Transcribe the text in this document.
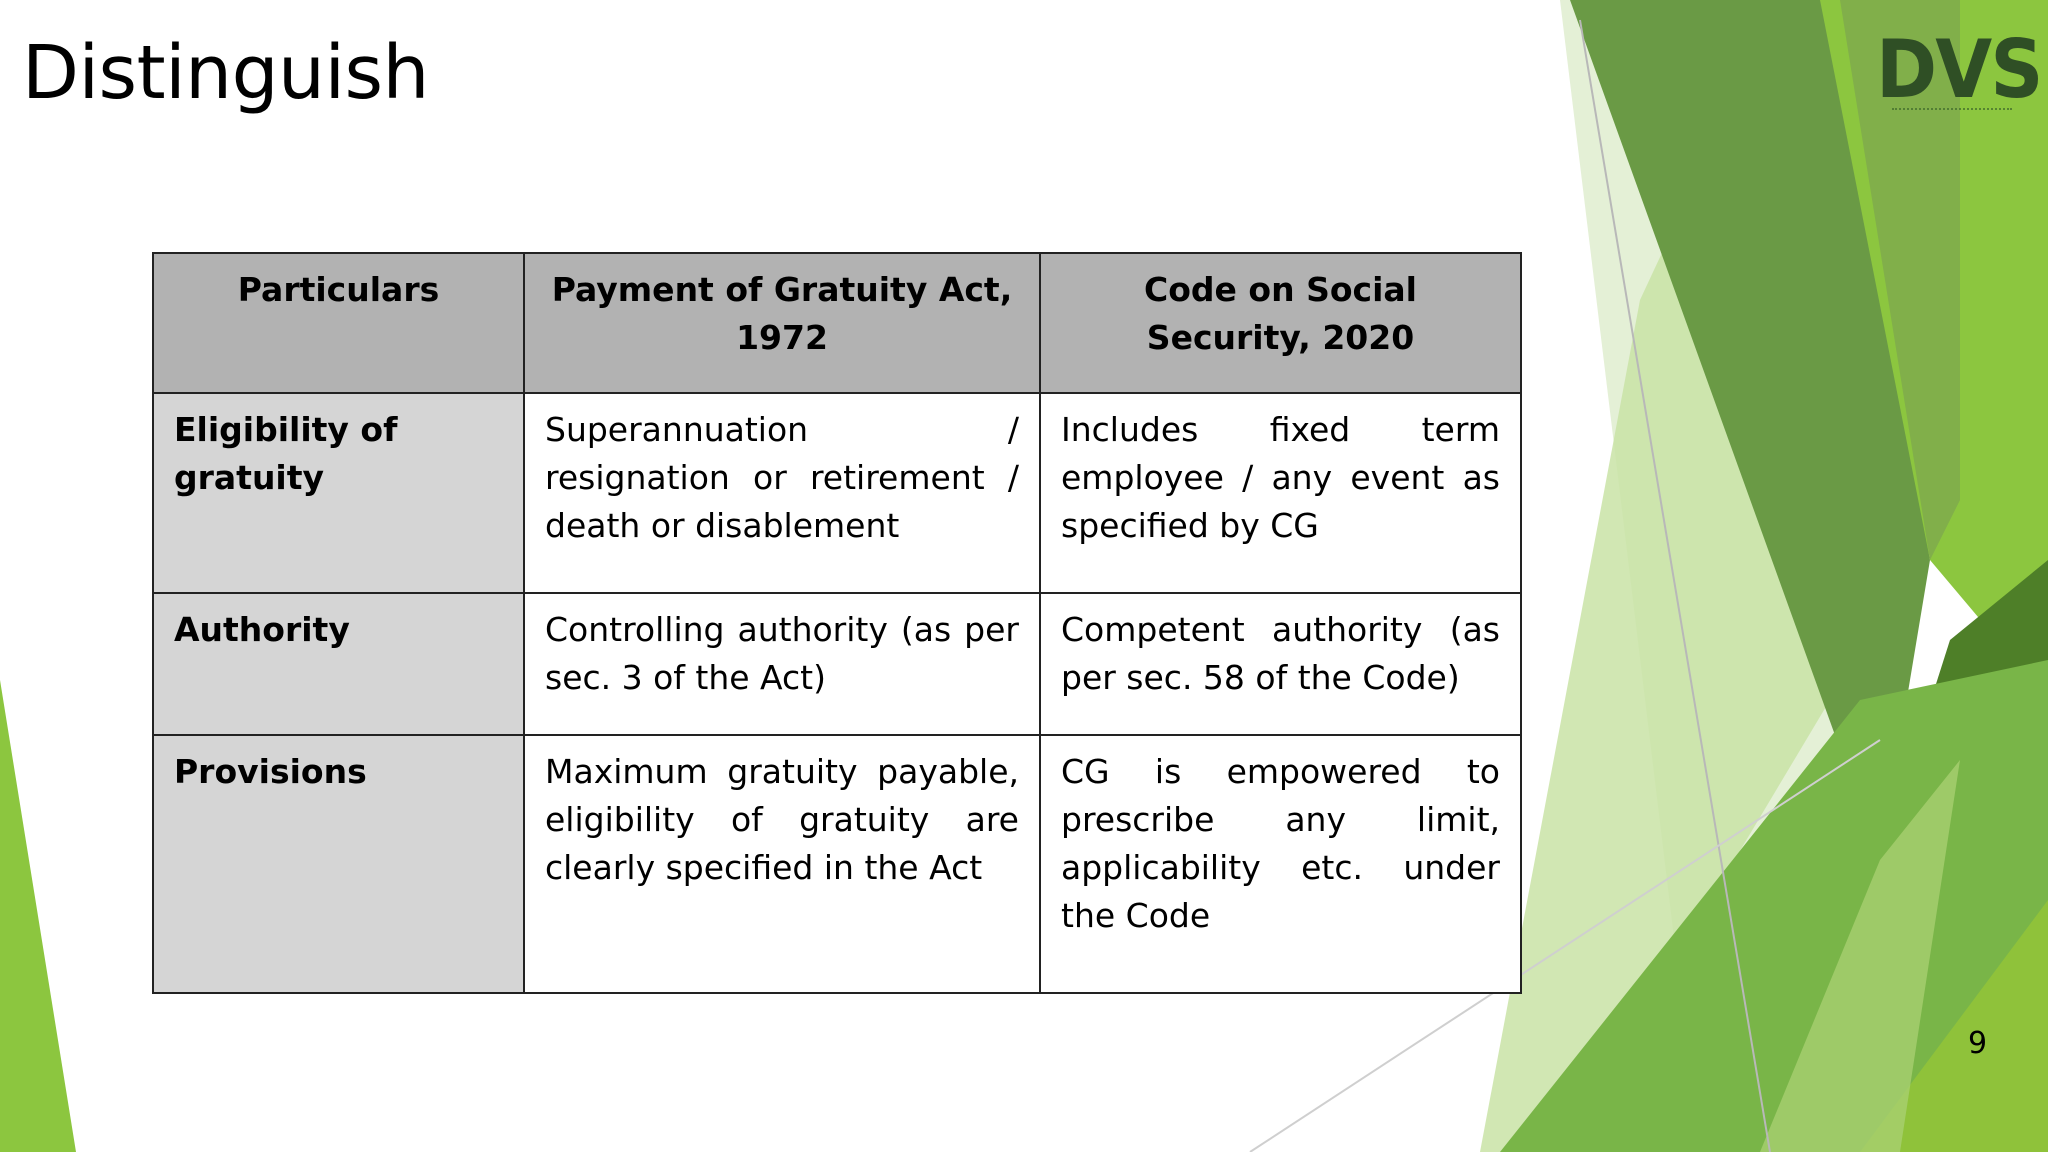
Distinguish	DVS
Particulars	Payment of Gratuity Act, 1972	Code on Social Security, 2020
Eligibility of gratuity	Superannuation / resignation or retirement / death or disablement	Includes fixed term employee / any event as specified by CG
Authority	Controlling authority (as per sec. 3 of the Act)	Competent authority (as per sec. 58 of the Code)
Provisions	Maximum gratuity payable, eligibility of gratuity are clearly specified in the Act	CG is empowered to prescribe any limit, applicability etc. under the Code
9
